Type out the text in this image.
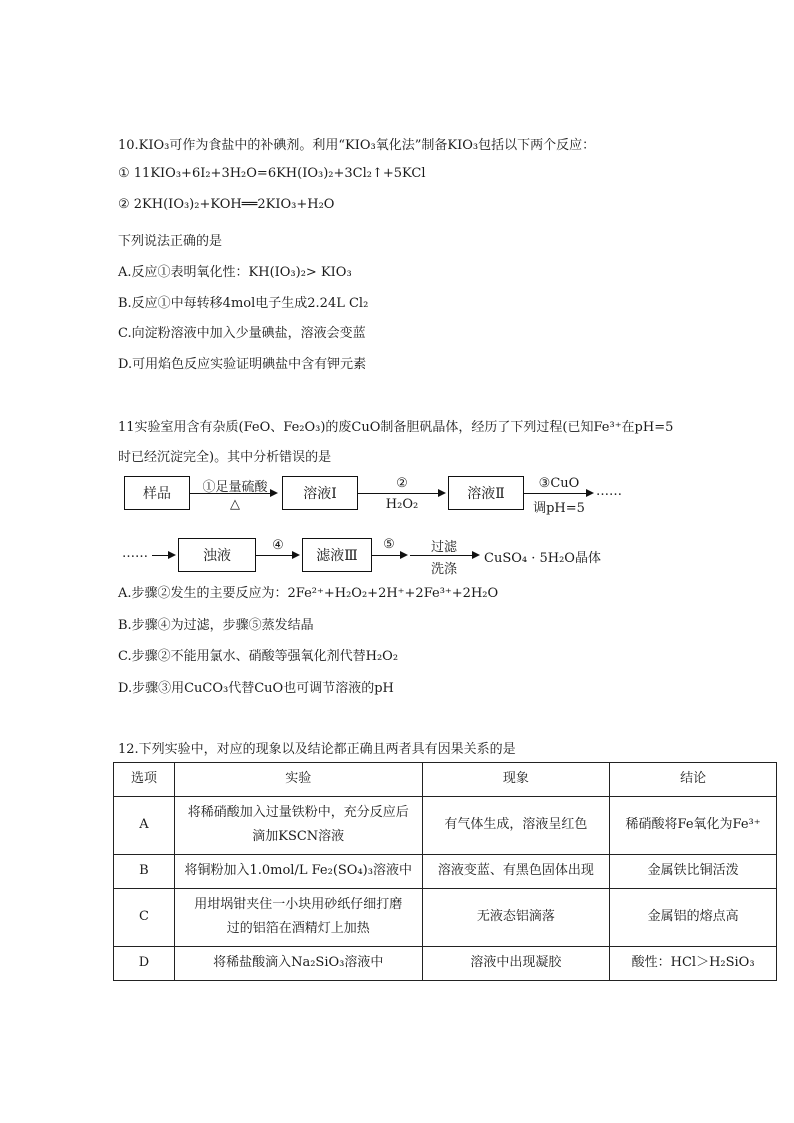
10.KIO₃可作为食盐中的补碘剂。利用“KIO₃氧化法”制备KIO₃包括以下两个反应：
① 11KIO₃+6I₂+3H₂O=6KH(IO₃)₂+3Cl₂↑+5KCl
② 2KH(IO₃)₂+KOH══2KIO₃+H₂O
下列说法正确的是
A.反应①表明氧化性：KH(IO₃)₂> KIO₃
B.反应①中每转移4mol电子生成2.24L Cl₂
C.向淀粉溶液中加入少量碘盐，溶液会变蓝
D.可用焰色反应实验证明碘盐中含有钾元素
11实验室用含有杂质(FeO、Fe₂O₃)的废CuO制备胆矾晶体，经历了下列过程(已知Fe³⁺在pH=5
时已经沉淀完全)。其中分析错误的是
样品	①足量硫酸
△
溶液Ⅰ
②
H₂O₂
溶液Ⅱ
③CuO
调pH=5
……
……	浊液
④
滤液Ⅲ
⑤	过滤
洗涤
CuSO₄ · 5H₂O晶体
A.步骤②发生的主要反应为：2Fe²⁺+H₂O₂+2H⁺+2Fe³⁺+2H₂O
B.步骤④为过滤，步骤⑤蒸发结晶
C.步骤②不能用氯水、硝酸等强氧化剂代替H₂O₂
D.步骤③用CuCO₃代替CuO也可调节溶液的pH
12.下列实验中，对应的现象以及结论都正确且两者具有因果关系的是
选项	实验	现象	结论
A	将稀硝酸加入过量铁粉中，充分反应后
滴加KSCN溶液	有气体生成，溶液呈红色	稀硝酸将Fe氧化为Fe³⁺
B	将铜粉加入1.0mol/L Fe₂(SO₄)₃溶液中	溶液变蓝、有黑色固体出现	金属铁比铜活泼
C	用坩埚钳夹住一小块用砂纸仔细打磨
过的铝箔在酒精灯上加热	无液态铝滴落	金属铝的熔点高
D	将稀盐酸滴入Na₂SiO₃溶液中	溶液中出现凝胶	酸性：HCl＞H₂SiO₃
